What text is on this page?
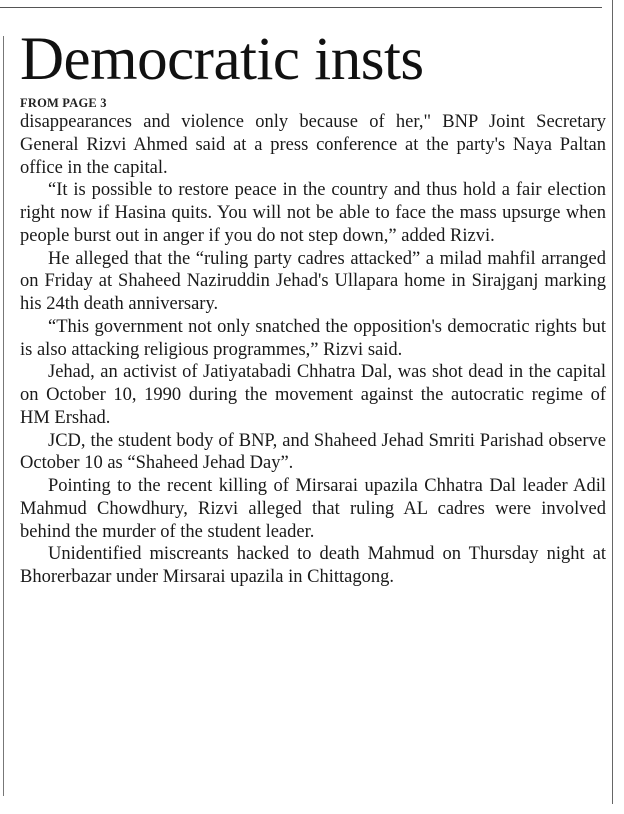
Democratic insts
FROM PAGE 3

disappearances and violence only because of her," BNP Joint Secretary General Rizvi Ahmed said at a press conference at the party's Naya Paltan office in the capital.

“It is possible to restore peace in the country and thus hold a fair election right now if Hasina quits. You will not be able to face the mass upsurge when people burst out in anger if you do not step down,” added Rizvi.

He alleged that the “ruling party cadres attacked” a milad mahfil arranged on Friday at Shaheed Naziruddin Jehad's Ullapara home in Sirajganj marking his 24th death anniversary.

“This government not only snatched the opposition's democratic rights but is also attacking religious programmes,” Rizvi said.

Jehad, an activist of Jatiyatabadi Chhatra Dal, was shot dead in the capital on October 10, 1990 during the movement against the autocratic regime of HM Ershad.

JCD, the student body of BNP, and Shaheed Jehad Smriti Parishad observe October 10 as “Shaheed Jehad Day”.

Pointing to the recent killing of Mirsarai upazila Chhatra Dal leader Adil Mahmud Chowdhury, Rizvi alleged that ruling AL cadres were involved behind the murder of the student leader.

Unidentified miscreants hacked to death Mahmud on Thursday night at Bhorerbazar under Mirsarai upazila in Chittagong.
